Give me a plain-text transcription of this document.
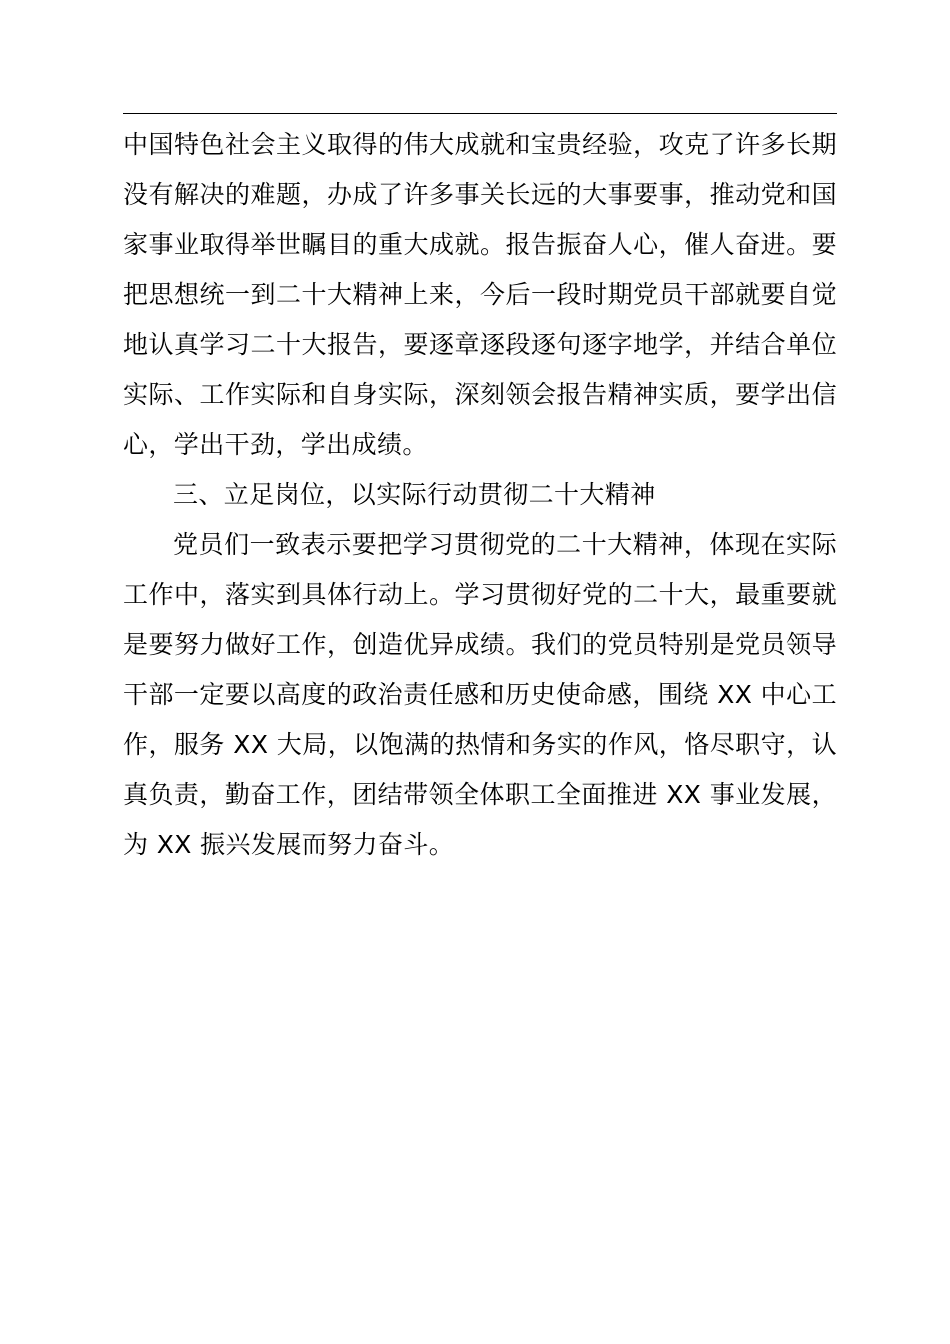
中国特色社会主义取得的伟大成就和宝贵经验，攻克了许多长期没有解决的难题，办成了许多事关长远的大事要事，推动党和国家事业取得举世瞩目的重大成就。报告振奋人心，催人奋进。要把思想统一到二十大精神上来，今后一段时期党员干部就要自觉地认真学习二十大报告，要逐章逐段逐句逐字地学，并结合单位实际、工作实际和自身实际，深刻领会报告精神实质，要学出信心，学出干劲，学出成绩。

三、立足岗位，以实际行动贯彻二十大精神

党员们一致表示要把学习贯彻党的二十大精神，体现在实际工作中，落实到具体行动上。学习贯彻好党的二十大，最重要就是要努力做好工作，创造优异成绩。我们的党员特别是党员领导干部一定要以高度的政治责任感和历史使命感，围绕 XX 中心工作，服务 XX 大局，以饱满的热情和务实的作风，恪尽职守，认真负责，勤奋工作，团结带领全体职工全面推进 XX 事业发展，为 XX 振兴发展而努力奋斗。
